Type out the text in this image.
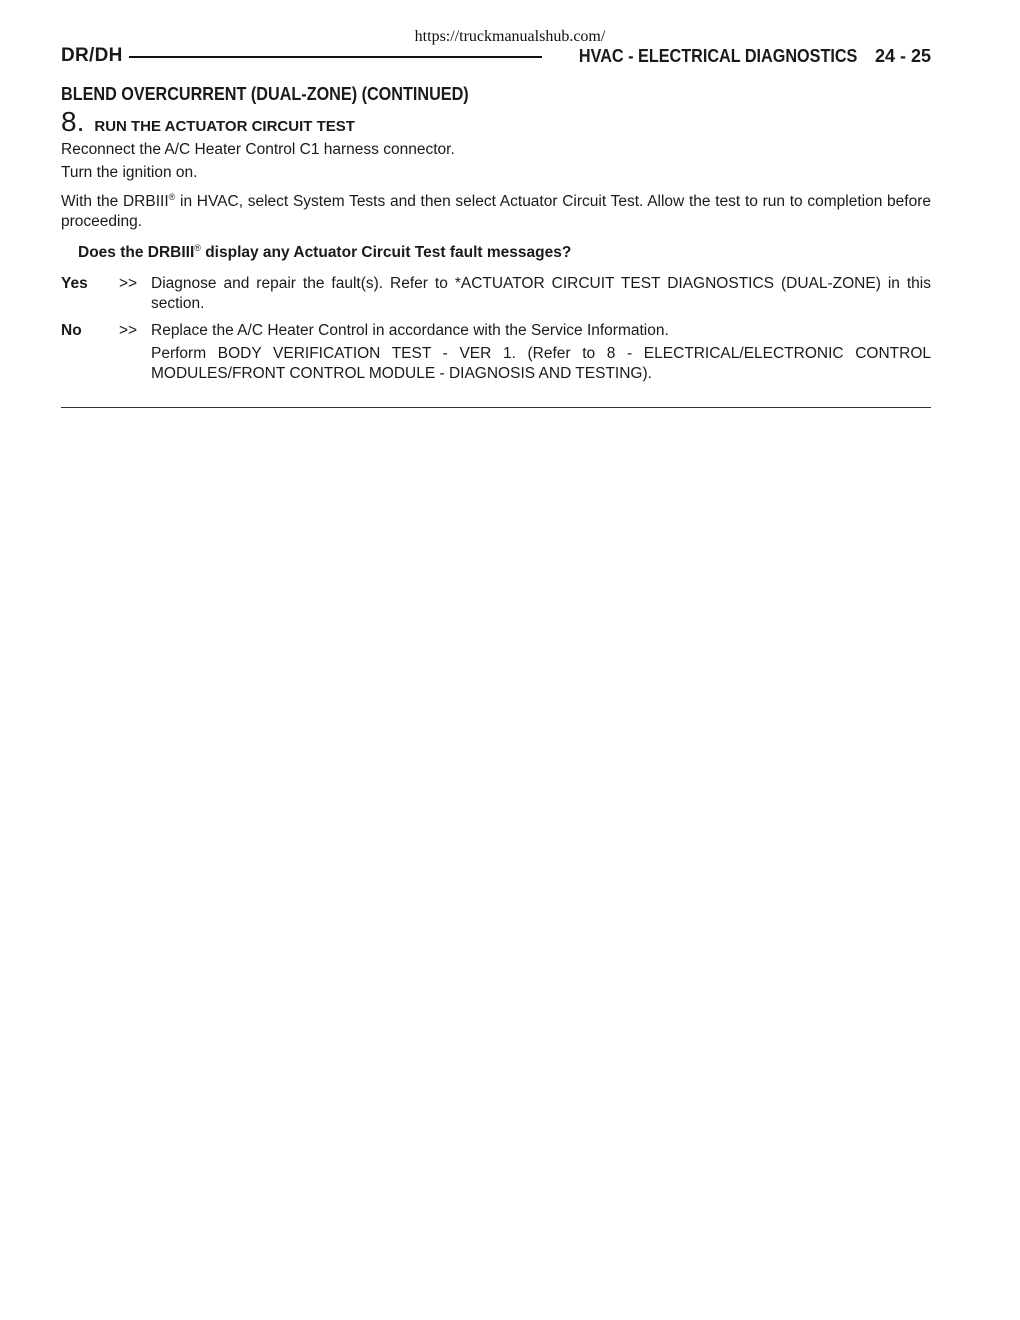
https://truckmanualshub.com/
DR/DH	HVAC - ELECTRICAL DIAGNOSTICS 24 - 25
BLEND OVERCURRENT (DUAL-ZONE) (CONTINUED)
8. RUN THE ACTUATOR CIRCUIT TEST
Reconnect the A/C Heater Control C1 harness connector.
Turn the ignition on.
With the DRBIII® in HVAC, select System Tests and then select Actuator Circuit Test. Allow the test to run to completion before proceeding.
Does the DRBIII® display any Actuator Circuit Test fault messages?
Yes >> Diagnose and repair the fault(s). Refer to *ACTUATOR CIRCUIT TEST DIAGNOSTICS (DUAL-ZONE) in this section.
No >> Replace the A/C Heater Control in accordance with the Service Information.
Perform BODY VERIFICATION TEST - VER 1. (Refer to 8 - ELECTRICAL/ELECTRONIC CONTROL MODULES/FRONT CONTROL MODULE - DIAGNOSIS AND TESTING).
